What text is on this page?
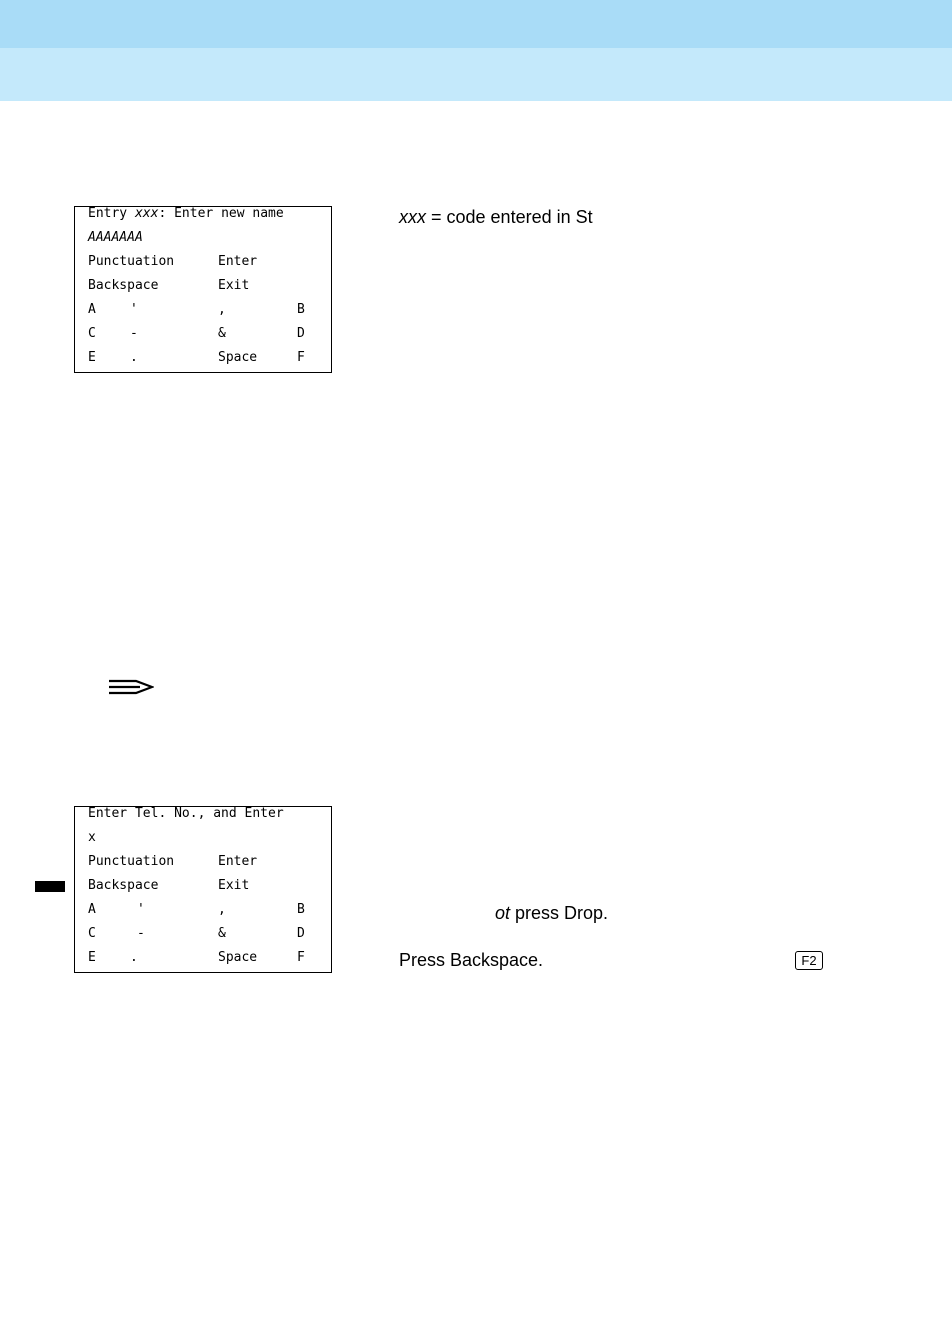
Entry xxx: Enter new name
AAAAAAA
Punctuation	Enter
Backspace	Exit
A	'	,	B
C	-	&	D
E	.	Space	F
xxx = code entered in St
Enter Tel. No., and Enter
x
Punctuation	Enter
Backspace	Exit
A	'	,	B
C	-	&	D
E	.	Space	F
ot press Drop.
Press Backspace.	F2
